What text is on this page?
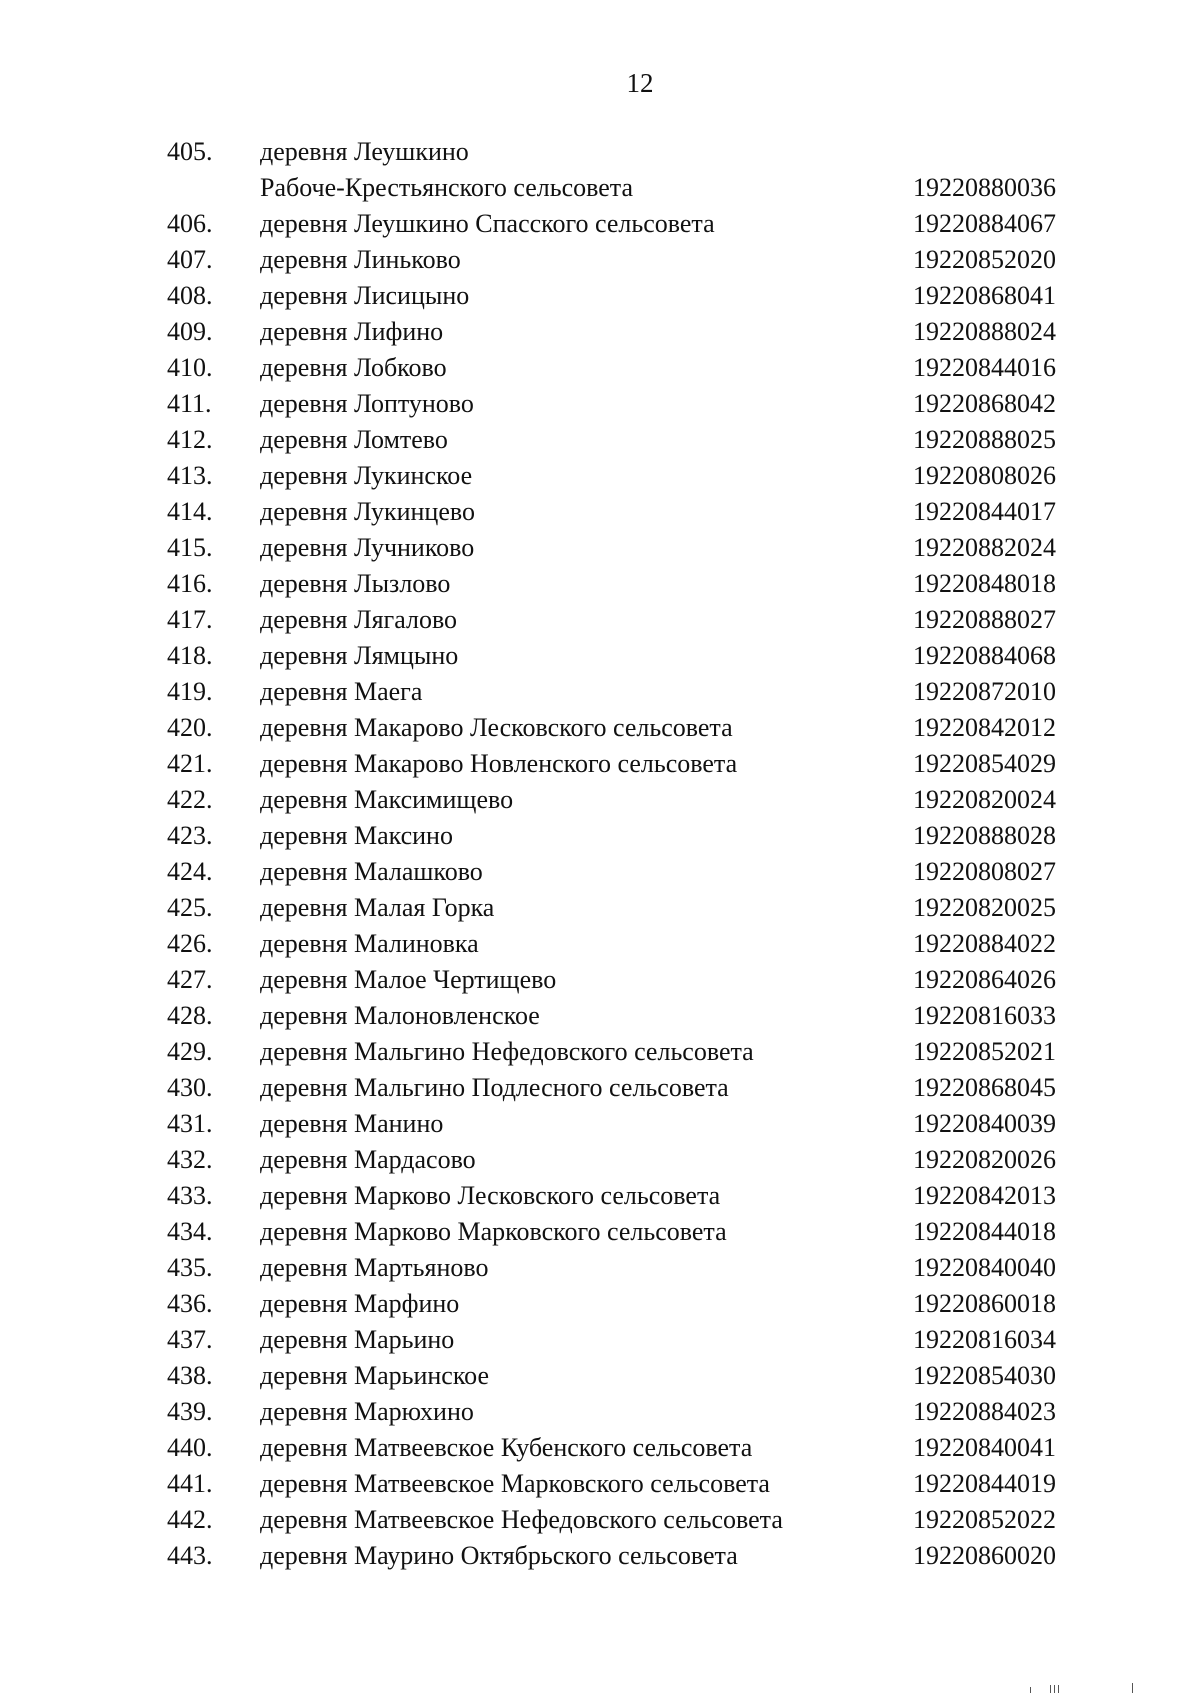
12
405. деревня Леушкино
Рабоче-Крестьянского сельсовета	19220880036
406. деревня Леушкино Спасского сельсовета	19220884067
407. деревня Линьково	19220852020
408. деревня Лисицыно	19220868041
409. деревня Лифино	19220888024
410. деревня Лобково	19220844016
411. деревня Лоптуново	19220868042
412. деревня Ломтево	19220888025
413. деревня Лукинское	19220808026
414. деревня Лукинцево	19220844017
415. деревня Лучниково	19220882024
416. деревня Лызлово	19220848018
417. деревня Лягалово	19220888027
418. деревня Лямцыно	19220884068
419. деревня Маега	19220872010
420. деревня Макарово Лесковского сельсовета	19220842012
421. деревня Макарово Новленского сельсовета	19220854029
422. деревня Максимищево	19220820024
423. деревня Максино	19220888028
424. деревня Малашково	19220808027
425. деревня Малая Горка	19220820025
426. деревня Малиновка	19220884022
427. деревня Малое Чертищево	19220864026
428. деревня Малоновленское	19220816033
429. деревня Мальгино Нефедовского сельсовета	19220852021
430. деревня Мальгино Подлесного сельсовета	19220868045
431. деревня Манино	19220840039
432. деревня Мардасово	19220820026
433. деревня Марково Лесковского сельсовета	19220842013
434. деревня Марково Марковского сельсовета	19220844018
435. деревня Мартьяново	19220840040
436. деревня Марфино	19220860018
437. деревня Марьино	19220816034
438. деревня Марьинское	19220854030
439. деревня Марюхино	19220884023
440. деревня Матвеевское Кубенского сельсовета	19220840041
441. деревня Матвеевское Марковского сельсовета	19220844019
442. деревня Матвеевское Нефедовского сельсовета	19220852022
443. деревня Маурино Октябрьского сельсовета	19220860020
